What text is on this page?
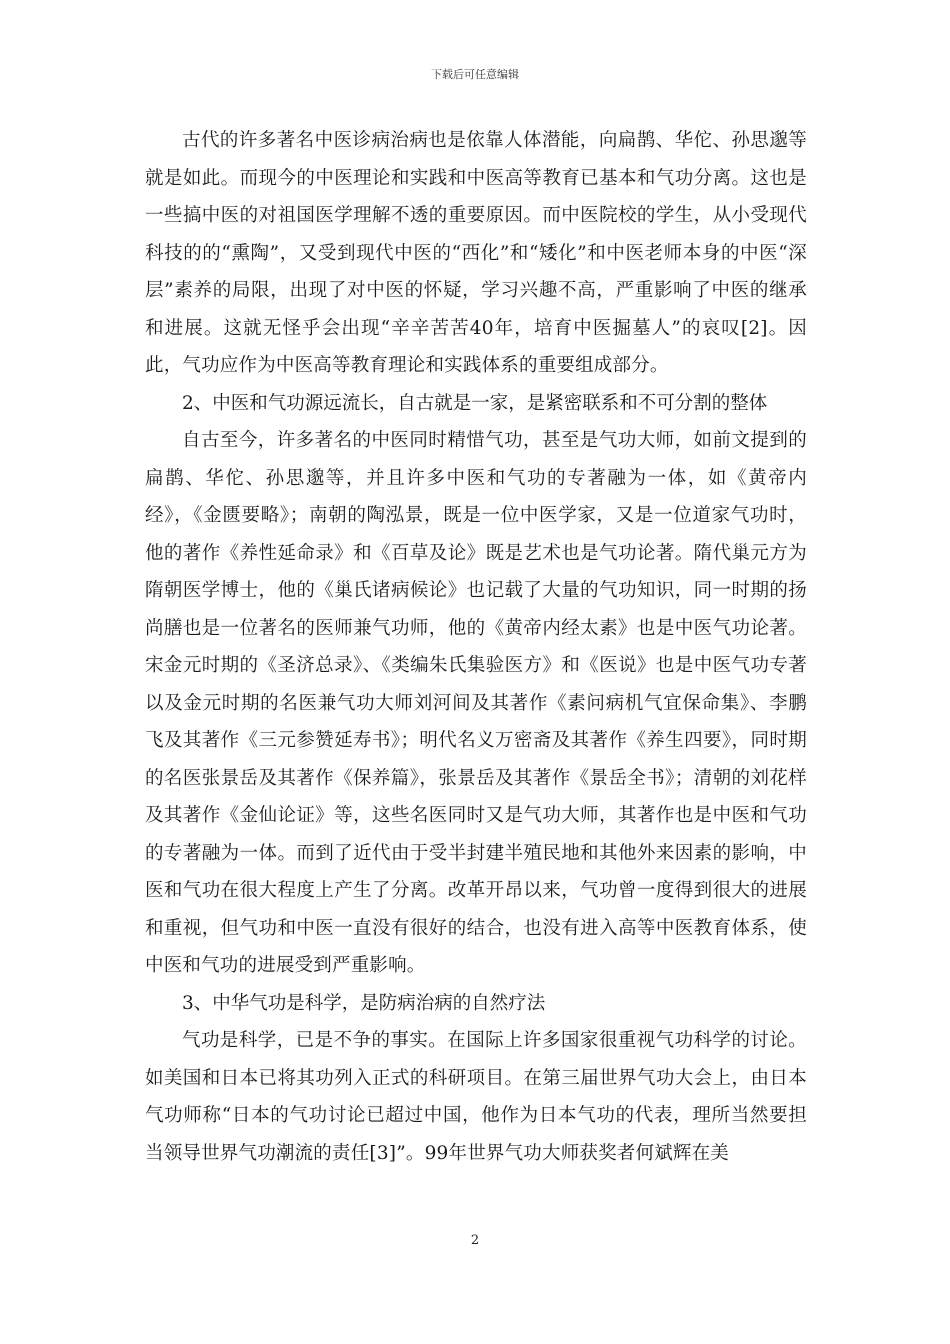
下载后可任意编辑

古代的许多著名中医诊病治病也是依靠人体潜能，向扁鹊、华佗、孙思邈等就是如此。而现今的中医理论和实践和中医高等教育已基本和气功分离。这也是一些搞中医的对祖国医学理解不透的重要原因。而中医院校的学生，从小受现代科技的的“熏陶”，又受到现代中医的“西化”和“矮化”和中医老师本身的中医“深层”素养的局限，出现了对中医的怀疑，学习兴趣不高，严重影响了中医的继承和进展。这就无怪乎会出现“辛辛苦苦40年，培育中医掘墓人”的哀叹[2]。因此，气功应作为中医高等教育理论和实践体系的重要组成部分。

2、中医和气功源远流长，自古就是一家，是紧密联系和不可分割的整体

自古至今，许多著名的中医同时精惜气功，甚至是气功大师，如前文提到的扁鹊、华佗、孙思邈等，并且许多中医和气功的专著融为一体，如《黄帝内经》，《金匮要略》；南朝的陶泓景，既是一位中医学家，又是一位道家气功时，他的著作《养性延命录》和《百草及论》既是艺术也是气功论著。隋代巢元方为隋朝医学博士，他的《巢氏诸病候论》也记载了大量的气功知识，同一时期的扬尚膳也是一位著名的医师兼气功师，他的《黄帝内经太素》也是中医气功论著。宋金元时期的《圣济总录》、《类编朱氏集验医方》和《医说》也是中医气功专著以及金元时期的名医兼气功大师刘河间及其著作《素问病机气宜保命集》、李鹏飞及其著作《三元参赞延寿书》；明代名义万密斋及其著作《养生四要》，同时期的名医张景岳及其著作《保养篇》，张景岳及其著作《景岳全书》；清朝的刘花样及其著作《金仙论证》等，这些名医同时又是气功大师，其著作也是中医和气功的专著融为一体。而到了近代由于受半封建半殖民地和其他外来因素的影响，中医和气功在很大程度上产生了分离。改革开昂以来，气功曾一度得到很大的进展和重视，但气功和中医一直没有很好的结合，也没有进入高等中医教育体系，使中医和气功的进展受到严重影响。

3、中华气功是科学，是防病治病的自然疗法

气功是科学，已是不争的事实。在国际上许多国家很重视气功科学的讨论。如美国和日本已将其功列入正式的科研项目。在第三届世界气功大会上，由日本气功师称“日本的气功讨论已超过中国，他作为日本气功的代表，理所当然要担当领导世界气功潮流的责任[3]”。99年世界气功大师获奖者何斌辉在美

2
